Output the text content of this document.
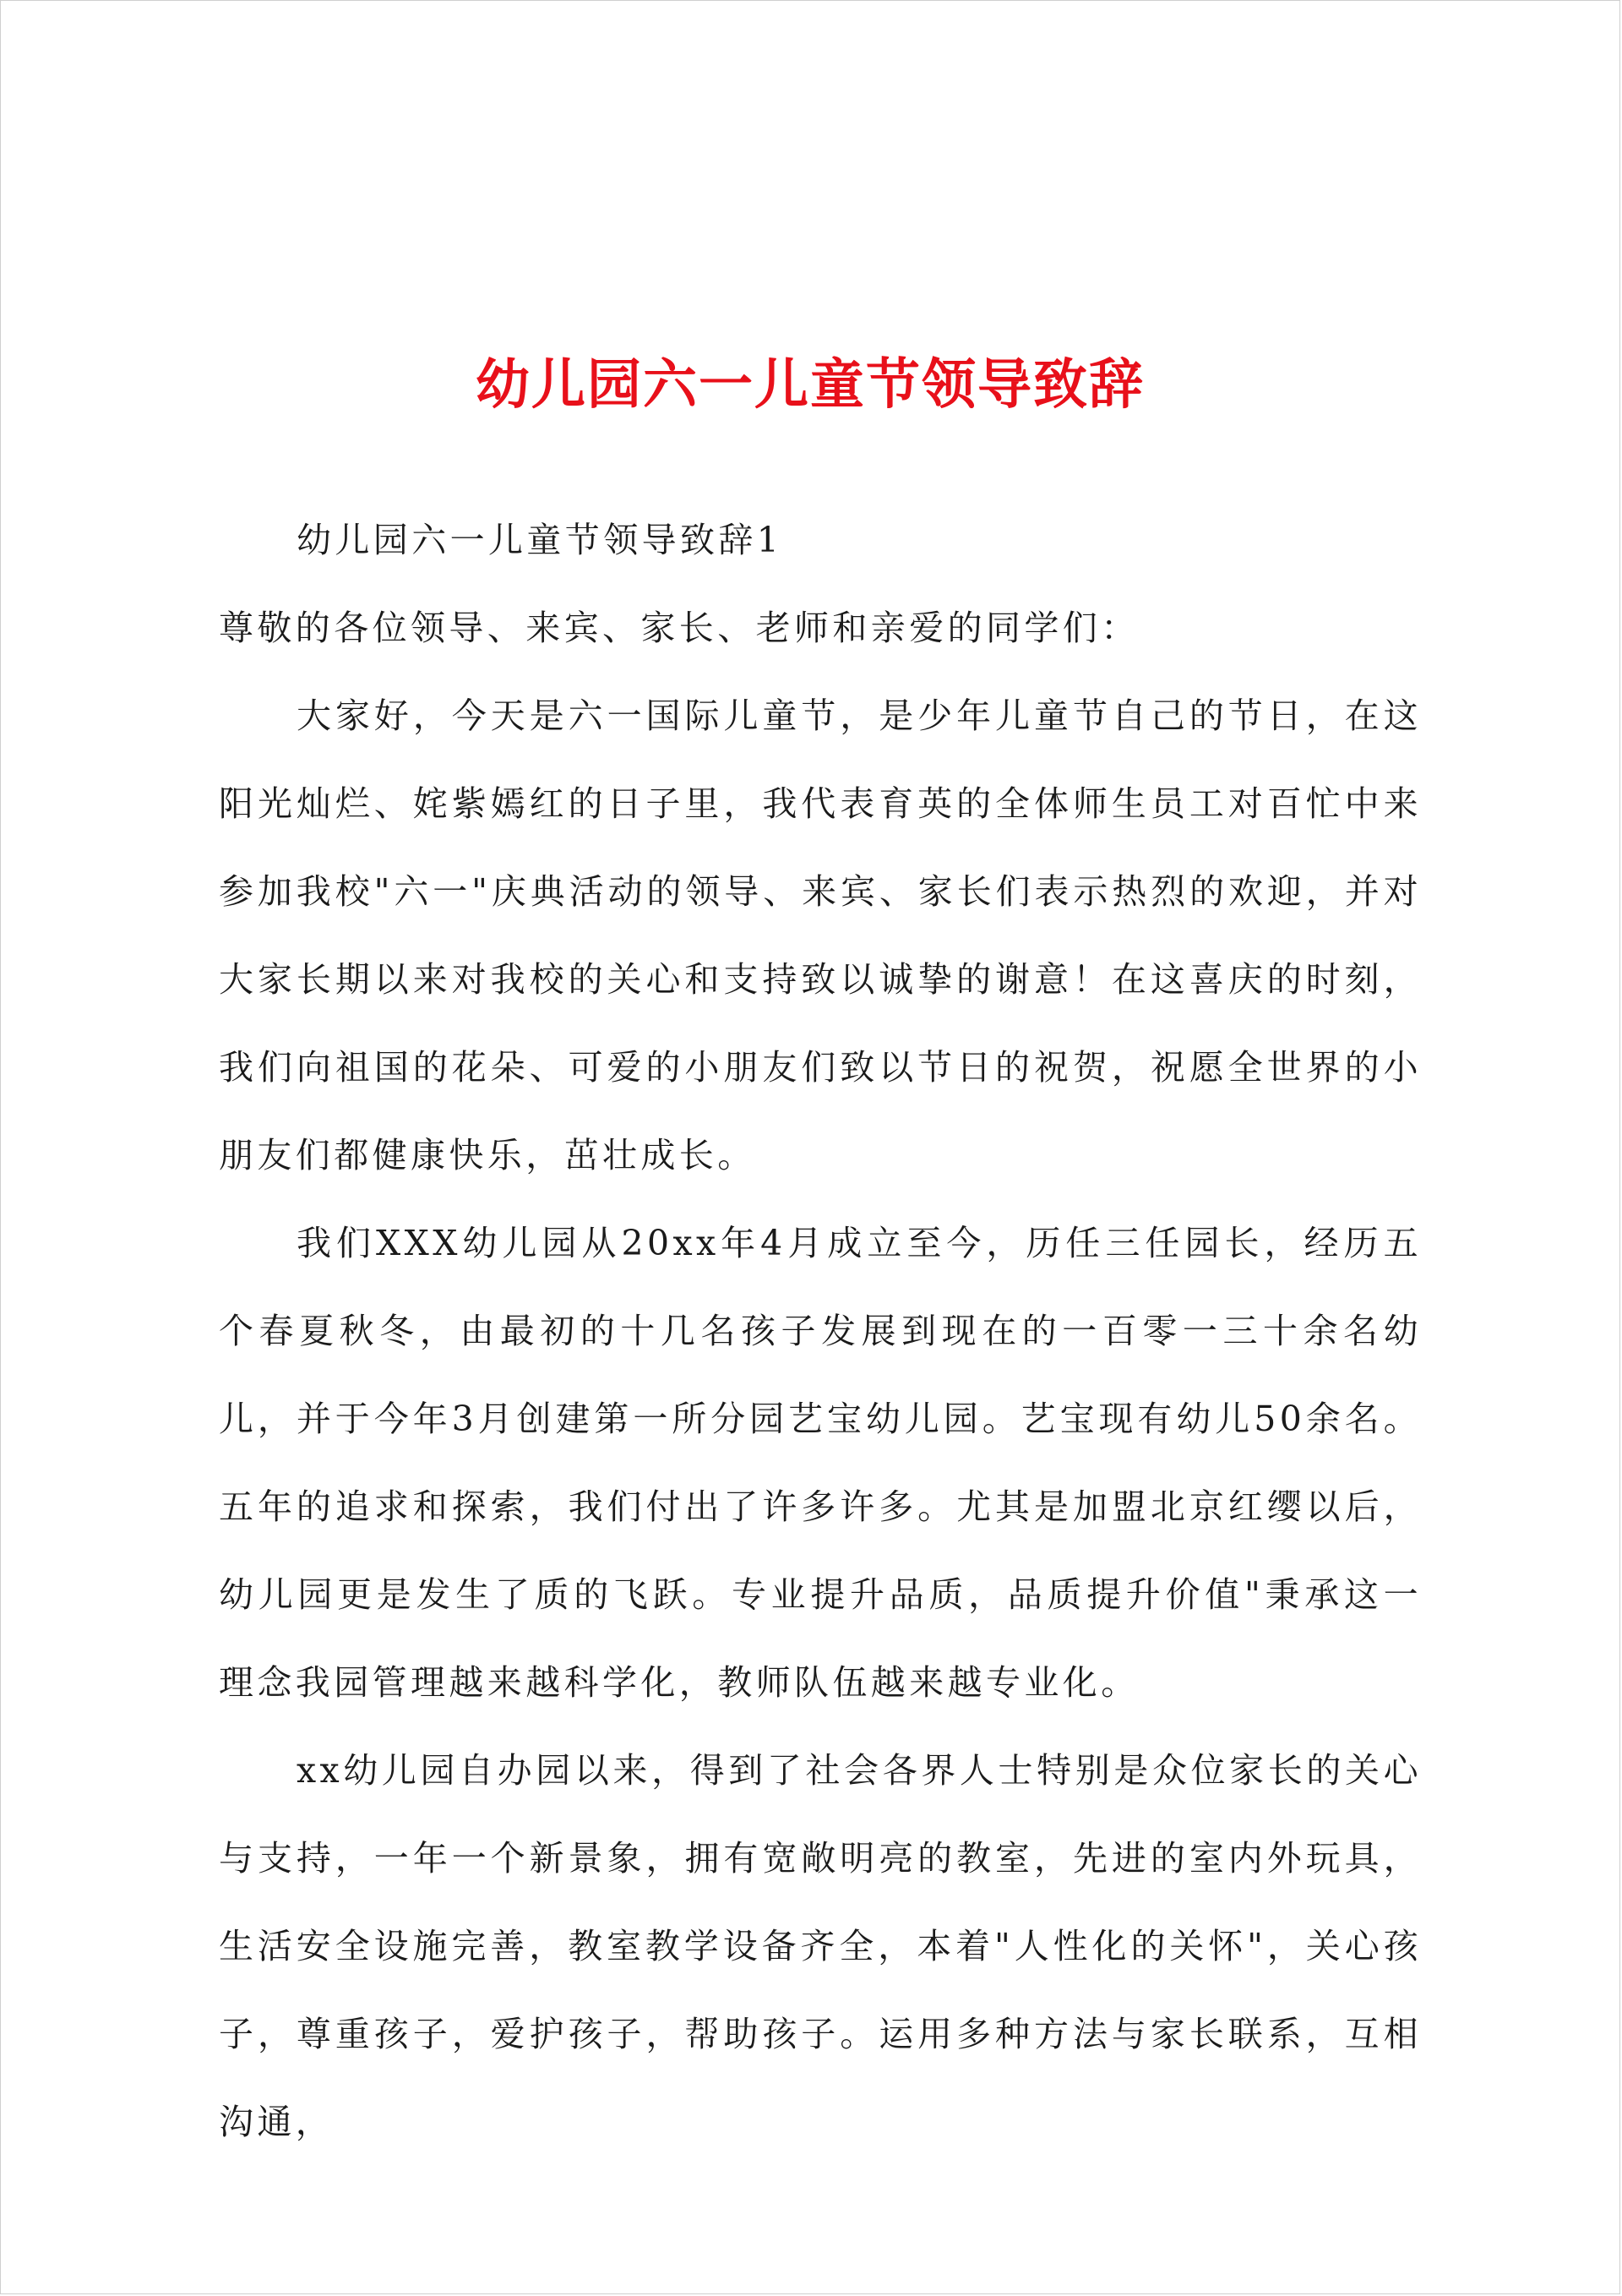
幼儿园六一儿童节领导致辞

幼儿园六一儿童节领导致辞1

尊敬的各位领导、来宾、家长、老师和亲爱的同学们：

大家好，今天是六一国际儿童节，是少年儿童节自己的节日，在这阳光灿烂、姹紫嫣红的日子里，我代表育英的全体师生员工对百忙中来参加我校"六一"庆典活动的领导、来宾、家长们表示热烈的欢迎，并对大家长期以来对我校的关心和支持致以诚挚的谢意！在这喜庆的时刻，我们向祖国的花朵、可爱的小朋友们致以节日的祝贺，祝愿全世界的小朋友们都健康快乐，茁壮成长。

我们XXX幼儿园从20xx年4月成立至今，历任三任园长，经历五个春夏秋冬，由最初的十几名孩子发展到现在的一百零一三十余名幼儿，并于今年3月创建第一所分园艺宝幼儿园。艺宝现有幼儿50余名。五年的追求和探索，我们付出了许多许多。尤其是加盟北京红缨以后，幼儿园更是发生了质的飞跃。专业提升品质，品质提升价值"秉承这一理念我园管理越来越科学化，教师队伍越来越专业化。

xx幼儿园自办园以来，得到了社会各界人士特别是众位家长的关心与支持，一年一个新景象，拥有宽敞明亮的教室，先进的室内外玩具，生活安全设施完善，教室教学设备齐全，本着"人性化的关怀"，关心孩子，尊重孩子，爱护孩子，帮助孩子。运用多种方法与家长联系，互相沟通，
